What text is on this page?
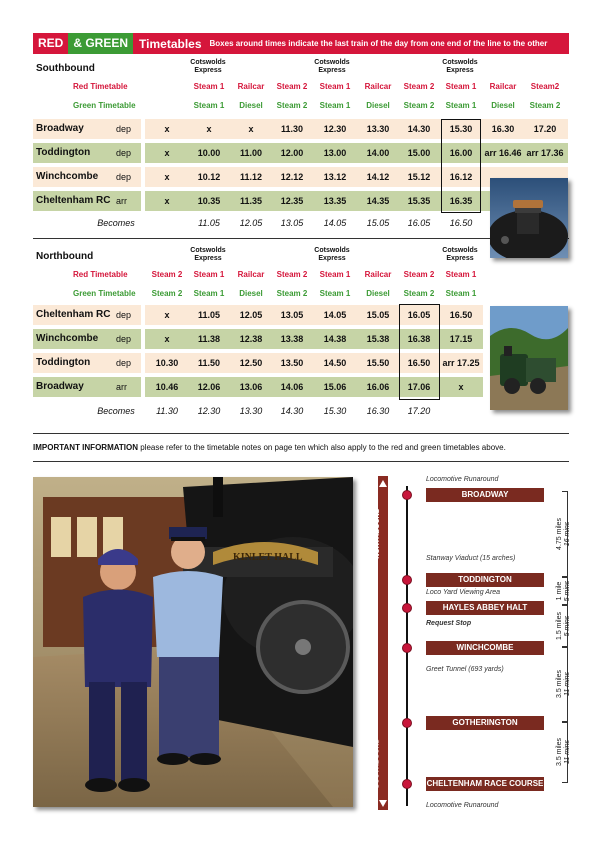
RED & GREEN Timetables	Boxes around times indicate the last train of the day from one end of the line to the other
Southbound
Cotswolds Express
Cotswolds Express
Cotswolds Express
Red Timetable
Green Timetable
Steam 1	Railcar	Steam 2	Steam 1	Railcar	Steam 2	Steam 1	Railcar	Steam2
Steam 1	Diesel	Steam 2	Steam 1	Diesel	Steam 2	Steam 1	Diesel	Steam 2
Broadway	dep	x	x	x	11.30	12.30	13.30	14.30	15.30	16.30	17.20
Toddington	dep	x	10.00	11.00	12.00	13.00	14.00	15.00	16.00	arr 16.46 arr 17.36
Winchcombe dep	x	10.12	11.12	12.12	13.12	14.12	15.12	16.12
Cheltenham RC arr	x	10.35	11.35	12.35	13.35	14.35	15.35	16.35
Becomes	11.05	12.05	13.05	14.05	15.05	16.05	16.50
Northbound
Cotswolds Express
Cotswolds Express
Cotswolds Express
Red Timetable
Green Timetable
Steam 2	Steam 1	Railcar	Steam 2	Steam 1	Railcar	Steam 2	Steam 1
Steam 2	Steam 1	Diesel	Steam 2	Steam 1	Diesel	Steam 2	Steam 1
Cheltenham RC dep	x	11.05	12.05	13.05	14.05	15.05	16.05	16.50
Winchcombe dep	x	11.38	12.38	13.38	14.38	15.38	16.38	17.15
Toddington	dep	10.30	11.50	12.50	13.50	14.50	15.50	16.50	arr 17.25
Broadway	arr	10.46	12.06	13.06	14.06	15.06	16.06	17.06	x
Becomes	11.30	12.30	13.30	14.30	15.30	16.30	17.20
IMPORTANT INFORMATION please refer to the timetable notes on page ten which also apply to the red and green timetables above.
KINLET HALL	NORTHBOUND
SOUTHBOUND
Locomotive Runaround
BROADWAY
Stanway Viaduct (15 arches)
TODDINGTON
Loco Yard Viewing Area
HAYLES ABBEY HALT
Request Stop
WINCHCOMBE
Greet Tunnel (693 yards)
GOTHERINGTON
CHELTENHAM RACE COURSE
Locomotive Runaround
4.75 miles 16 mins
1 mile 5 mins
1.5 miles 5 mins
3.5 miles 11 mins
3.5 miles 11 mins
